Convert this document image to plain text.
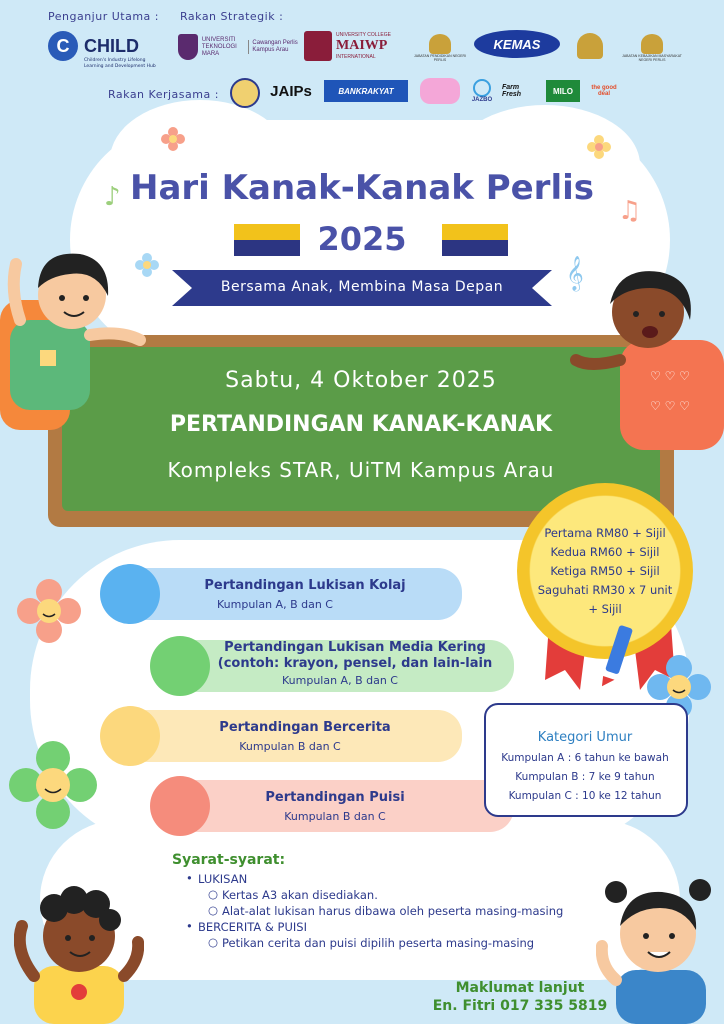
Penganjur Utama : Rakan Strategik :
C CHILD
Children's Industry Lifelong Learning and Development Hub
UNIVERSITI TEKNOLOGI MARA
Cawangan Perlis Kampus Arau
UNIVERSITY COLLEGE
MAIWP
INTERNATIONAL	JABATAN PENDIDIKAN NEGERI PERLIS
KEMAS
JABATAN KEBAJIKAN MASYARAKAT NEGERI PERLIS
Rakan Kerjasama :	JAIPs	BANKRAKYAT
JAZBO
Farm Fresh	MILO	the good deal
♪	♫
𝄞
Hari Kanak-Kanak Perlis
2025
Bersama Anak, Membina Masa Depan
Sabtu, 4 Oktober 2025
PERTANDINGAN KANAK-KANAK
Kompleks STAR, UiTM Kampus Arau
♡ ♡ ♡
♡ ♡ ♡
Pertama RM80 + Sijil
Kedua RM60 + Sijil
Ketiga RM50 + Sijil
Saguhati RM30 x 7 unit
+ Sijil
Pertandingan Lukisan Kolaj
Kumpulan A, B dan C
Pertandingan Lukisan Media Kering
(contoh: krayon, pensel, dan lain-lain
Kumpulan A, B dan C
Pertandingan Bercerita
Kumpulan B dan C
Pertandingan Puisi
Kumpulan B dan C
Kategori Umur
Kumpulan A : 6 tahun ke bawah
Kumpulan B : 7 ke 9 tahun
Kumpulan C : 10 ke 12 tahun
Syarat-syarat:
• LUKISAN
○ Kertas A3 akan disediakan.
○ Alat-alat lukisan harus dibawa oleh peserta masing-masing
• BERCERITA & PUISI
○ Petikan cerita dan puisi dipilih peserta masing-masing
Maklumat lanjut
En. Fitri 017 335 5819
